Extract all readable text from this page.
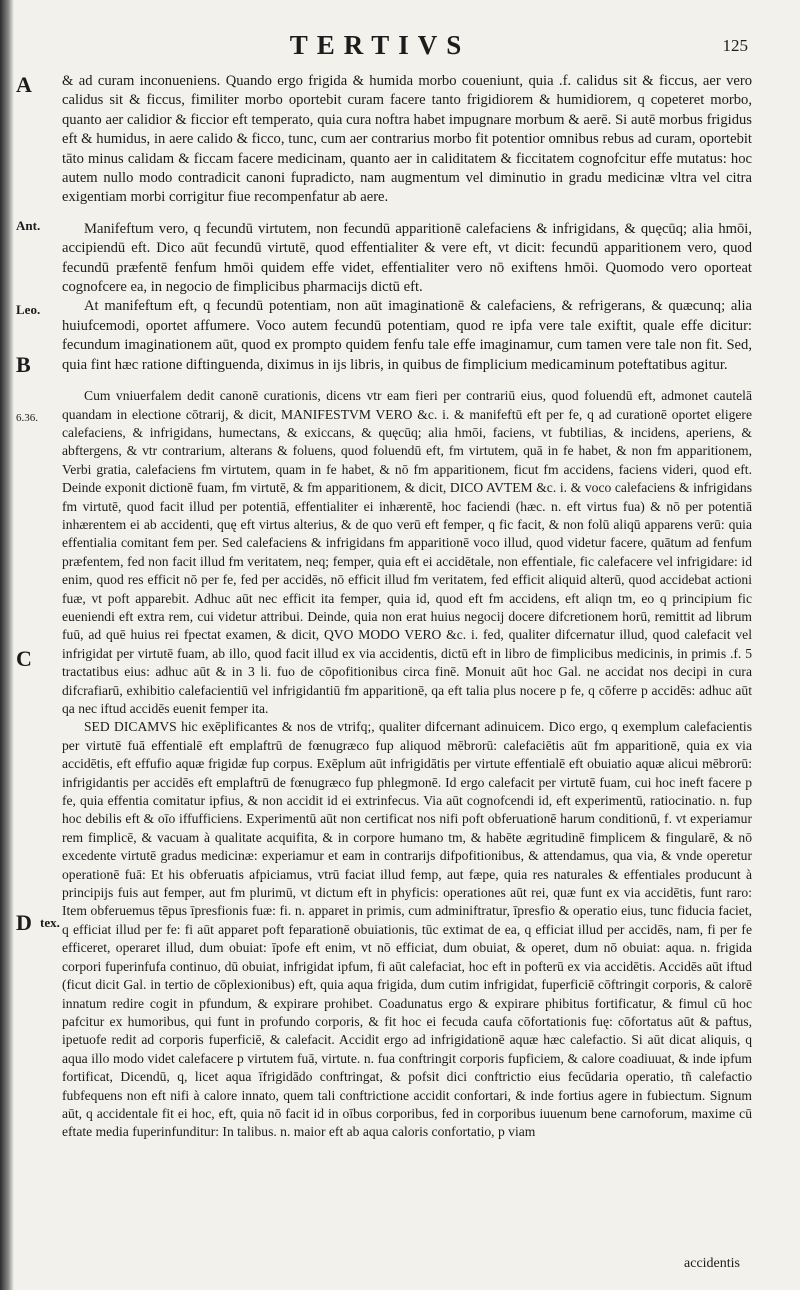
TERTIVS	125
A
Ant.
Leo.
B
6.36.
C
D tex.

& ad curam inconueniens. Quando ergo frigida & humida morbo coueniunt, quia .f. calidus sit & ficcus, aer vero calidus sit & ficcus, fimiliter morbo oportebit curam facere tanto frigidiorem & humidiorem, q copeteret morbo, quanto aer calidior & ficcior eft temperato, quia cura noftra habet impugnare morbum & aerē. Si autē morbus frigidus eft & humidus, in aere calido & ficco, tunc, cum aer contrarius morbo fit potentior omnibus rebus ad curam, oportebit tāto minus calidam & ficcam facere medicinam, quanto aer in caliditatem & ficcitatem cognofcitur effe mutatus: hoc autem nullo modo contradicit canoni fupradicto, nam augmentum vel diminutio in gradu medicinæ vltra vel citra exigentiam morbi corrigitur fiue recompenfatur ab aere.

Manifeftum vero, q fecundū virtutem, non fecundū apparitionē calefaciens & infrigidans, & quęcūq; alia hmōi, accipiendū eft. Dico aūt fecundū virtutē, quod effentialiter & vere eft, vt dicit: fecundū apparitionem vero, quod fecundū præfentē fenfum hmōi quidem effe videt, effentialiter vero nō exiftens hmōi. Quomodo vero oporteat cognofcere ea, in negocio de fimplicibus pharmacijs dictū eft.

At manifeftum eft, q fecundū potentiam, non aūt imaginationē & calefaciens, & refrigerans, & quæcunq; alia huiufcemodi, oportet affumere. Voco autem fecundū potentiam, quod re ipfa vere tale exiftit, quale effe dicitur: fecundum imaginationem aūt, quod ex prompto quidem fenfu tale effe imaginamur, cum tamen vere tale non fit. Sed, quia fint hæc ratione diftinguenda, diximus in ijs libris, in quibus de fimplicium medicaminum poteftatibus agitur.

Cum vniuerfalem dedit canonē curationis, dicens vtr eam fieri per contrariū eius, quod foluendū eft, admonet cautelā quandam in electione cōtrarij, & dicit, MANIFESTVM VERO &c. i. & manifeftū eft per fe, q ad curationē oportet eligere calefaciens, & infrigidans, humectans, & exiccans, & quęcūq; alia hmōi, faciens, vt fubtilias, & incidens, aperiens, & abftergens, & vtr contrarium, alterans & foluens, quod foluendū eft, fm virtutem, quā in fe habet, & non fm apparitionem, Verbi gratia, calefaciens fm virtutem, quam in fe habet, & nō fm apparitionem, ficut fm accidens, faciens videri, quod eft. Deinde exponit dictionē fuam, fm virtutē, & fm apparitionem, & dicit, DICO AVTEM &c. i. & voco calefaciens & infrigidans fm virtutē, quod facit illud per potentiā, effentialiter ei inhærentē, hoc faciendi (hæc. n. eft virtus fua) & nō per potentiā inhærentem ei ab accidenti, quę eft virtus alterius, & de quo verū eft femper, q fic facit, & non folū aliqū apparens verū: quia effentialia comitant fem per. Sed calefaciens & infrigidans fm apparitionē voco illud, quod videtur facere, quātum ad fenfum præfentem, fed non facit illud fm veritatem, neq; femper, quia eft ei accidētale, non effentiale, fic calefacere vel infrigidare: id enim, quod res efficit nō per fe, fed per accidēs, nō efficit illud fm veritatem, fed efficit aliquid alterū, quod accidebat actioni fuæ, vt poft apparebit. Adhuc aūt nec efficit ita femper, quia id, quod eft fm accidens, eft aliqn tm, eo q principium fic eueniendi eft extra rem, cui videtur attribui. Deinde, quia non erat huius negocij docere difcretionem horū, remittit ad librum fuū, ad quē huius rei fpectat examen, & dicit, QVO MODO VERO &c. i. fed, qualiter difcernatur illud, quod calefacit vel infrigidat per virtutē fuam, ab illo, quod facit illud ex via accidentis, dictū eft in libro de fimplicibus medicinis, in primis .f. 5 tractatibus eius: adhuc aūt & in 3 li. fuo de cōpofitionibus circa finē. Monuit aūt hoc Gal. ne accidat nos decipi in cura difcrafiarū, exhibitio calefacientiū vel infrigidantiū fm apparitionē, qa eft talia plus nocere p fe, q cōferre p accidēs: adhuc aūt qa nec iftud accidēs euenit femper ita.

SED DICAMVS hic exēplificantes & nos de vtrifq;, qualiter difcernant adinuicem. Dico ergo, q exemplum calefacientis per virtutē fuā effentialē eft emplaftrū de fœnugræco fup aliquod mēbrorū: calefaciētis aūt fm apparitionē, quia ex via accidētis, eft effufio aquæ frigidæ fup corpus. Exēplum aūt infrigidātis per virtute effentialē eft obuiatio aquæ alicui mēbrorū: infrigidantis per accidēs eft emplaftrū de fœnugræco fup phlegmonē. Id ergo calefacit per virtutē fuam, cui hoc ineft facere p fe, quia effentia comitatur ipfius, & non accidit id ei extrinfecus. Via aūt cognofcendi id, eft experimentū, ratiocinatio. n. fup hoc debilis eft & oīo iffufficiens. Experimentū aūt non certificat nos nifi poft obferuationē harum conditionū, f. vt experiamur rem fimplicē, & vacuam à qualitate acquifita, & in corpore humano tm, & habēte ægritudinē fimplicem & fingularē, & nō excedente virtutē gradus medicinæ: experiamur et eam in contrarijs difpofitionibus, & attendamus, qua via, & vnde operetur operationē fuā: Et his obferuatis afpiciamus, vtrū faciat illud femp, aut fæpe, quia res naturales & effentiales producunt à principijs fuis aut femper, aut fm plurimū, vt dictum eft in phyficis: operationes aūt rei, quæ funt ex via accidētis, funt raro: Item obferuemus tēpus īpresfionis fuæ: fi. n. apparet in primis, cum adminiftratur, īpresfio & operatio eius, tunc fiducia faciet, q efficiat illud per fe: fi aūt apparet poft feparationē obuiationis, tūc extimat de ea, q efficiat illud per accidēs, nam, fi per fe efficeret, operaret illud, dum obuiat: īpofe eft enim, vt nō efficiat, dum obuiat, & operet, dum nō obuiat: aqua. n. frigida corpori fuperinfufa continuo, dū obuiat, infrigidat ipfum, fi aūt calefaciat, hoc eft in pofterū ex via accidētis. Accidēs aūt iftud (ficut dicit Gal. in tertio de cōplexionibus) eft, quia aqua frigida, dum cutim infrigidat, fuperficiē cōftringit corporis, & calorē innatum redire cogit in pfundum, & expirare prohibet. Coadunatus ergo & expirare phibitus fortificatur, & fimul cū hoc pafcitur ex humoribus, qui funt in profundo corporis, & fit hoc ei fecuda caufa cōfortationis fuę: cōfortatus aūt & paftus, ipetuofe redit ad corporis fuperficiē, & calefacit. Accidit ergo ad infrigidationē aquæ hæc calefactio. Si aūt dicat aliquis, q aqua illo modo videt calefacere p virtutem fuā, virtute. n. fua conftringit corporis fupficiem, & calore coadiuuat, & inde ipfum fortificat, Dicendū, q, licet aqua īfrigidādo conftringat, & pofsit dici conftrictio eius fecūdaria operatio, tñ calefactio fubfequens non eft nifi à calore innato, quem tali conftrictione accidit confortari, & inde fortius agere in fubiectum. Signum aūt, q accidentale fit ei hoc, eft, quia nō facit id in oībus corporibus, fed in corporibus iuuenum bene carnoforum, maxime cū eftate media fuperinfunditur: In talibus. n. maior eft ab aqua caloris confortatio, p viam

accidentis
